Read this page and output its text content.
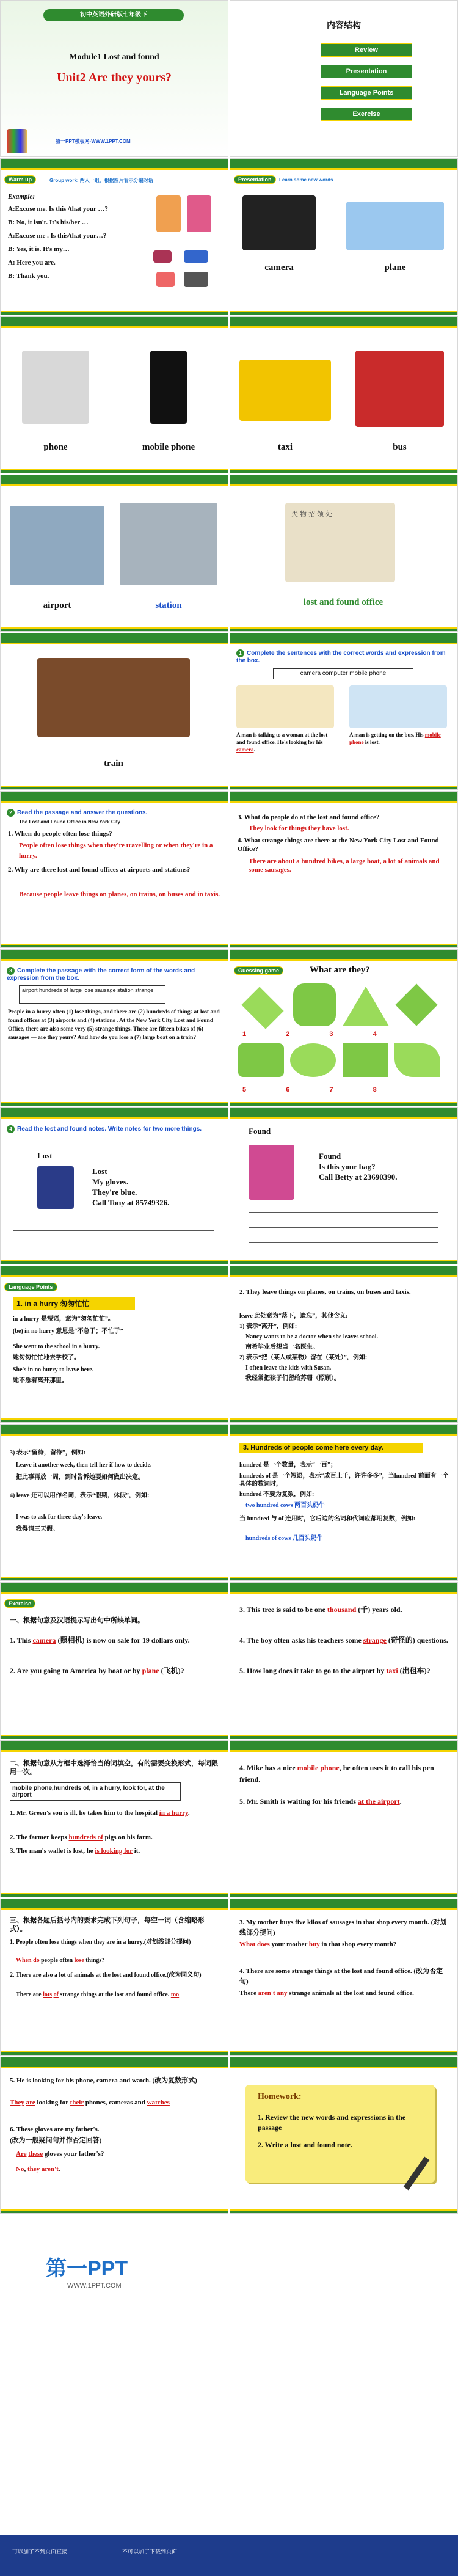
初中英语外研版七年级下
Module1 Lost and found
Unit2 Are they yours?
第一PPT模板网-WWW.1PPT.COM
内容结构
Review
Presentation
Language Points
Exercise
Warm up	Group work: 两人一组，根据图片看示分编对话
Example:
A:Excuse me. Is this /that your …?
B: No, it isn't. It's his/her …
A:Excuse me . Is this/that your…?
B: Yes, it is. It's my…
A: Here you are.
B: Thank you.
Presentation	Learn some new words
camera	plane
phone	mobile phone	taxi	bus
airport	station
失 物 招 领 处
lost and found office
train
1 Complete the sentences with the correct words and expression from the box.
camera computer mobile phone
A man is talking to a woman at the lost and found office. He's looking for his camera.
A man is getting on the bus. His mobile phone is lost.
2 Read the passage and answer the questions.
The Lost and Found Office in New York City
1. When do people often lose things?
People often lose things when they're travelling or when they're in a hurry.
2. Why are there lost and found offices at airports and stations?
Because people leave things on planes, on trains, on buses and in taxis.
3. What do people do at the lost and found office?
They look for things they have lost.
4. What strange things are there at the New York City Lost and Found Office?
There are about a hundred bikes, a large boat, a lot of animals and some sausages.
3 Complete the passage with the correct form of the words and expression from the box.
airport hundreds of large lose sausage station strange
People in a hurry often (1) lose things, and there are (2) hundreds of things at lost and found offices at (3) airports and (4) stations . At the New York City Lost and Found Office, there are also some very (5) strange things. There are fifteen bikes of (6) sausages — are they yours? And how do you lose a (7) large boat on a train?
Guessing game	What are they?

1	2	3	4

5	6	7	8
4 Read the lost and found notes. Write notes for two more things.
Lost
Lost
My gloves.
They're blue.
Call Tony at 85749326.
Found
Found
Is this your bag?
Call Betty at 23690390.
Language Points
1. in a hurry 匆匆忙忙
in a hurry 是短语，意为“匆匆忙忙”。
(be) in no hurry 意思是“不急于；不忙于”
She went to the school in a hurry.
她匆匆忙忙地去学校了。
She's in no hurry to leave here.
她不急着离开那里。
2. They leave things on planes, on trains, on buses and taxis.
leave 此处意为“落下，遗忘”，其他含义:
1) 表示“离开”，例如:
Nancy wants to be a doctor when she leaves school.
南希毕业后想当一名医生。
2) 表示“把（某人或某物）留在（某处）”，例如:
I often leave the kids with Susan.
我经常把孩子们留给苏珊（照顾）。
3) 表示“留待，留待”，例如:
Leave it another week, then tell her if how to decide.
把此事再放一周，到时告诉她要如何做出决定。
4) leave 还可以用作名词，表示“假期，休假”，例如:
I was to ask for three day's leave.
我得请三天假。
3. Hundreds of people come here every day.
hundred 是一个数量，表示“一百”；
hundreds of 是一个短语，表示“成百上千，许许多多”，当hundred 前面有一个具体的数词时，
hundred 不要为复数，例如:
two hundred cows 两百头奶牛
当 hundred 与 of 连用时，它后边的名词和代词应都用复数，例如:
hundreds of cows 几百头奶牛
Exercise
一、根据句意及汉语提示写出句中所缺单词。
1. This camera (照相机) is now on sale for 19 dollars only.
2. Are you going to America by boat or by plane (飞机)?
3. This tree is said to be one thousand (千) years old.
4. The boy often asks his teachers some strange (奇怪的) questions.
5. How long does it take to go to the airport by taxi (出租车)?
二、根据句意从方框中选择恰当的词填空，有的需要变换形式，每词限用一次。
mobile phone,hundreds of, in a hurry, look for, at the airport
1. Mr. Green's son is ill, he takes him to the hospital in a hurry.
2. The farmer keeps hundreds of pigs on his farm.
3. The man's wallet is lost, he is looking for it.
4. Mike has a nice mobile phone, he often uses it to call his pen friend.
5. Mr. Smith is waiting for his friends at the airport.
三、根据各题后括号内的要求完成下列句子，每空一词（含缩略形式）。
1. People often lose things when they are in a hurry.(对划线部分提问)
When do people often lose things?
2. There are also a lot of animals at the lost and found office.(改为同义句)
There are lots of strange things at the lost and found office. too
3. My mother buys five kilos of sausages in that shop every month. (对划线部分提问)
What does your mother buy in that shop every month?
4. There are some strange things at the lost and found office. (改为否定句)
There aren't any strange animals at the lost and found office.
5. He is looking for his phone, camera and watch. (改为复数形式)
They are looking for their phones, cameras and watches
6. These gloves are my father's.
(改为一般疑问句并作否定回答)
Are these gloves your father's?
No, they aren't.
Homework:
1. Review the new words and expressions in the passage
2. Write a lost and found note.
第一PPT
WWW.1PPT.COM
可以加了不到页面直接	不可以加了下载到页面
